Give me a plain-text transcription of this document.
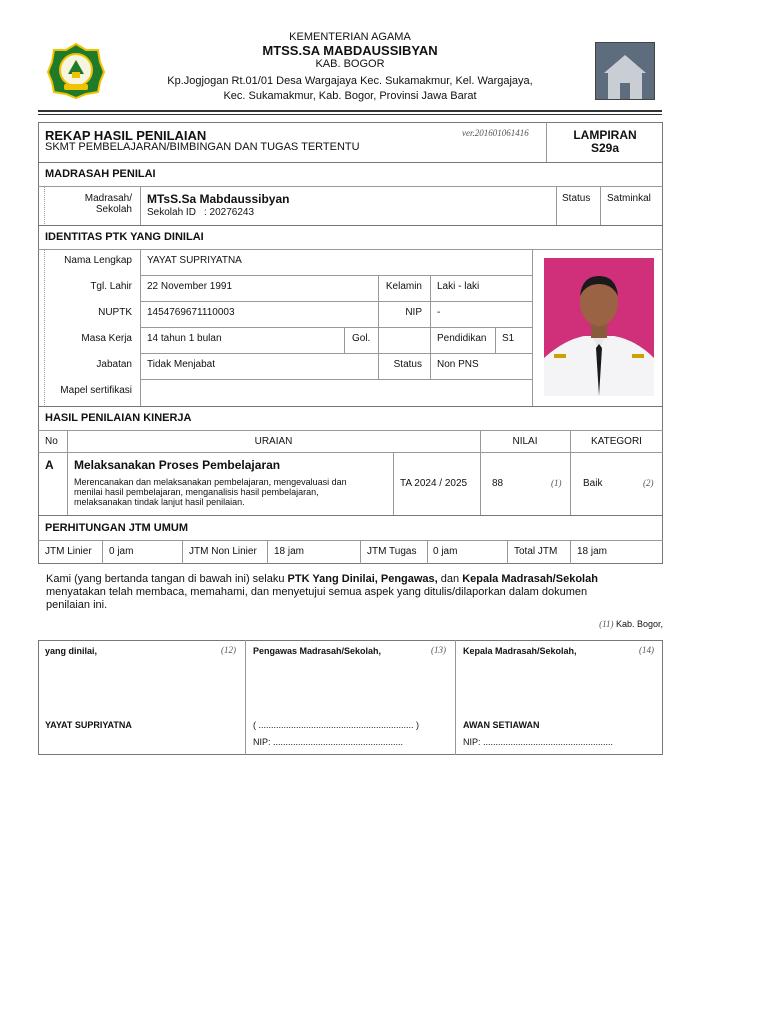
KEMENTERIAN AGAMA
MTSS.SA MABDAUSSIBYAN
KAB. BOGOR
Kp.Jogjogan Rt.01/01 Desa Wargajaya Kec. Sukamakmur, Kel. Wargajaya,
Kec. Sukamakmur, Kab. Bogor, Provinsi Jawa Barat
REKAP HASIL PENILAIAN
SKMT PEMBELAJARAN/BIMBINGAN DAN TUGAS TERTENTU
ver.201601061416	LAMPIRAN
S29a
MADRASAH PENILAI
Madrasah/
Sekolah
MTsS.Sa Mabdaussibyan
Sekolah ID : 20276243
Status Satminkal
IDENTITAS PTK YANG DINILAI
Nama Lengkap YAYAT SUPRIYATNA
Tgl. Lahir 22 November 1991	Kelamin Laki - laki
NUPTK 1454769671110003	NIP -
Masa Kerja 14 tahun 1 bulan	Gol.	Pendidikan S1
Jabatan Tidak Menjabat	Status Non PNS
Mapel sertifikasi
HASIL PENILAIAN KINERJA
No	URAIAN	NILAI	KATEGORI
A Melaksanakan Proses Pembelajaran
Merencanakan dan melaksanakan pembelajaran, mengevaluasi dan
menilai hasil pembelajaran, menganalisis hasil pembelajaran,
melaksanakan tindak lanjut hasil penilaian.
TA 2024 / 2025 88	(1) Baik	(2)
PERHITUNGAN JTM UMUM
JTM Linier 0 jam	JTM Non Linier 18 jam	JTM Tugas 0 jam	Total JTM 18 jam
Kami (yang bertanda tangan di bawah ini) selaku PTK Yang Dinilai, Pengawas, dan Kepala Madrasah/Sekolah
menyatakan telah membaca, memahami, dan menyetujui semua aspek yang ditulis/dilaporkan dalam dokumen
penilaian ini.
(11) Kab. Bogor,
yang dinilai,	(12)
YAYAT SUPRIYATNA
Pengawas Madrasah/Sekolah,	(13)
( .............................................................. )
NIP: ....................................................
Kepala Madrasah/Sekolah,	(14)
AWAN SETIAWAN
NIP: ....................................................
